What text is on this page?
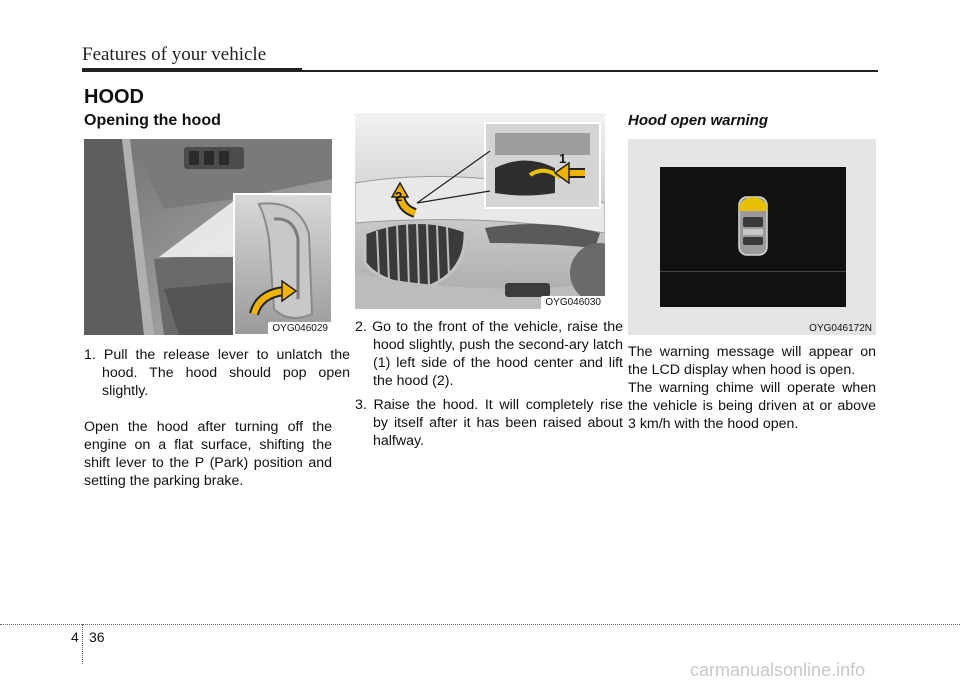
Features of your vehicle
HOOD
Opening the hood
OYG046029
1. Pull the release lever to unlatch the hood. The hood should pop open slightly.
Open the hood after turning off the engine on a flat surface, shifting the shift lever to the P (Park) position and setting the parking brake.
1
2
OYG046030
2. Go to the front of the vehicle, raise the hood slightly, push the second-ary latch (1) left side of the hood center and lift the hood (2).
3. Raise the hood. It will completely rise by itself after it has been raised about halfway.
Hood open warning
OYG046172N
The warning message will appear on the LCD display when hood is open.
The warning chime will operate when the vehicle is being driven at or above 3 km/h with the hood open.
4 36
carmanualsonline.info
